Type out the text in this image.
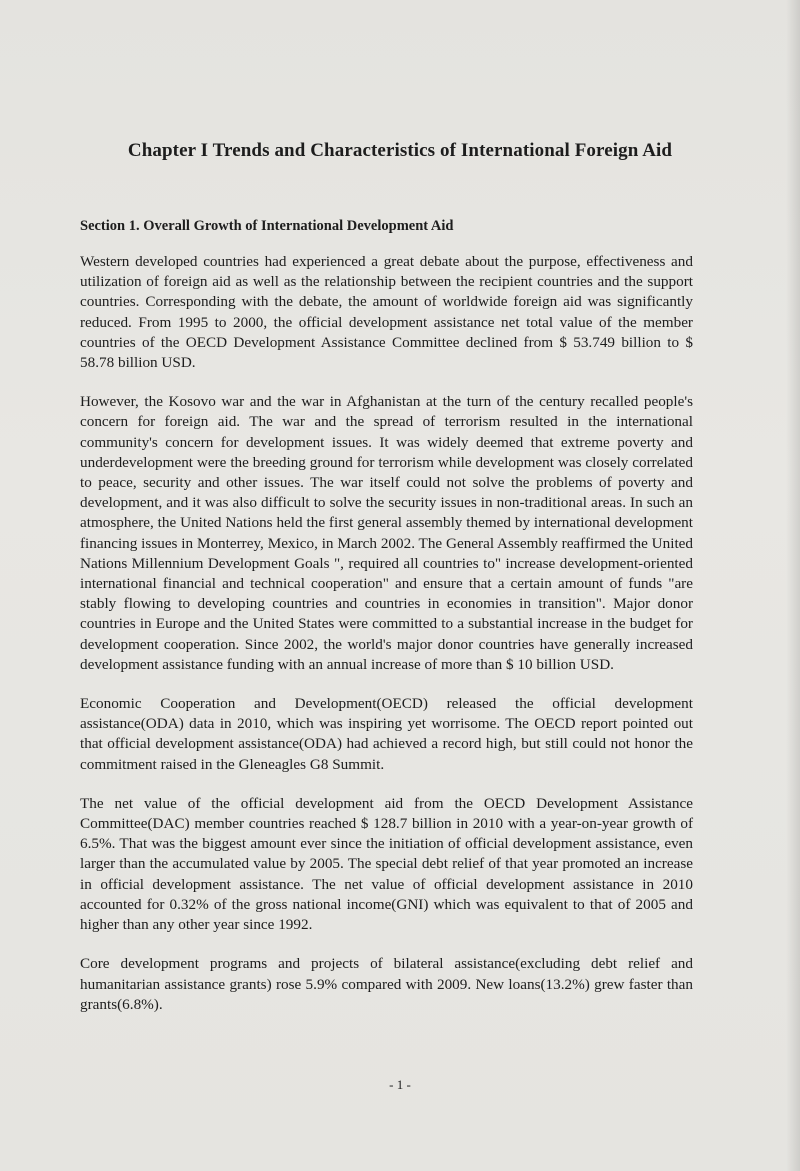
Chapter I Trends and Characteristics of International Foreign Aid
Section 1. Overall Growth of International Development Aid

Western developed countries had experienced a great debate about the purpose, effectiveness and utilization of foreign aid as well as the relationship between the recipient countries and the support countries. Corresponding with the debate, the amount of worldwide foreign aid was significantly reduced. From 1995 to 2000, the official development assistance net total value of the member countries of the OECD Development Assistance Committee declined from $ 53.749 billion to $ 58.78 billion USD.

However, the Kosovo war and the war in Afghanistan at the turn of the century recalled people's concern for foreign aid. The war and the spread of terrorism resulted in the international community's concern for development issues. It was widely deemed that extreme poverty and underdevelopment were the breeding ground for terrorism while development was closely correlated to peace, security and other issues. The war itself could not solve the problems of poverty and development, and it was also difficult to solve the security issues in non-traditional areas. In such an atmosphere, the United Nations held the first general assembly themed by international development financing issues in Monterrey, Mexico, in March 2002. The General Assembly reaffirmed the United Nations Millennium Development Goals ", required all countries to" increase development-oriented international financial and technical cooperation" and ensure that a certain amount of funds "are stably flowing to developing countries and countries in economies in transition". Major donor countries in Europe and the United States were committed to a substantial increase in the budget for development cooperation. Since 2002, the world's major donor countries have generally increased development assistance funding with an annual increase of more than $ 10 billion USD.

Economic Cooperation and Development(OECD) released the official development assistance(ODA) data in 2010, which was inspiring yet worrisome. The OECD report pointed out that official development assistance(ODA) had achieved a record high, but still could not honor the commitment raised in the Gleneagles G8 Summit.

The net value of the official development aid from the OECD Development Assistance Committee(DAC) member countries reached $ 128.7 billion in 2010 with a year-on-year growth of 6.5%. That was the biggest amount ever since the initiation of official development assistance, even larger than the accumulated value by 2005. The special debt relief of that year promoted an increase in official development assistance. The net value of official development assistance in 2010 accounted for 0.32% of the gross national income(GNI) which was equivalent to that of 2005 and higher than any other year since 1992.

Core development programs and projects of bilateral assistance(excluding debt relief and humanitarian assistance grants) rose 5.9% compared with 2009. New loans(13.2%) grew faster than grants(6.8%).

- 1 -
